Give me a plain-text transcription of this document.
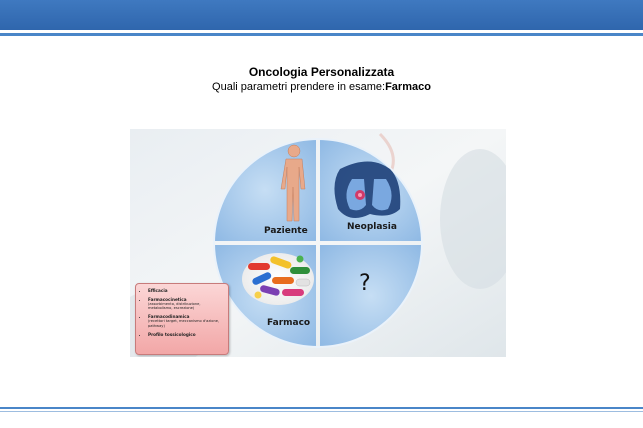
Oncologia Personalizzata
Quali parametri prendere in esame:Farmaco
Paziente	Neoplasia
Farmaco
?
• Efficacia
• Farmacocinetica
(assorbimento, distribuzione, metabolismo, escrezione)
• Farmacodinamica
(recettori target, meccanismo d'azione, pathway)
• Profilo tossicologico
